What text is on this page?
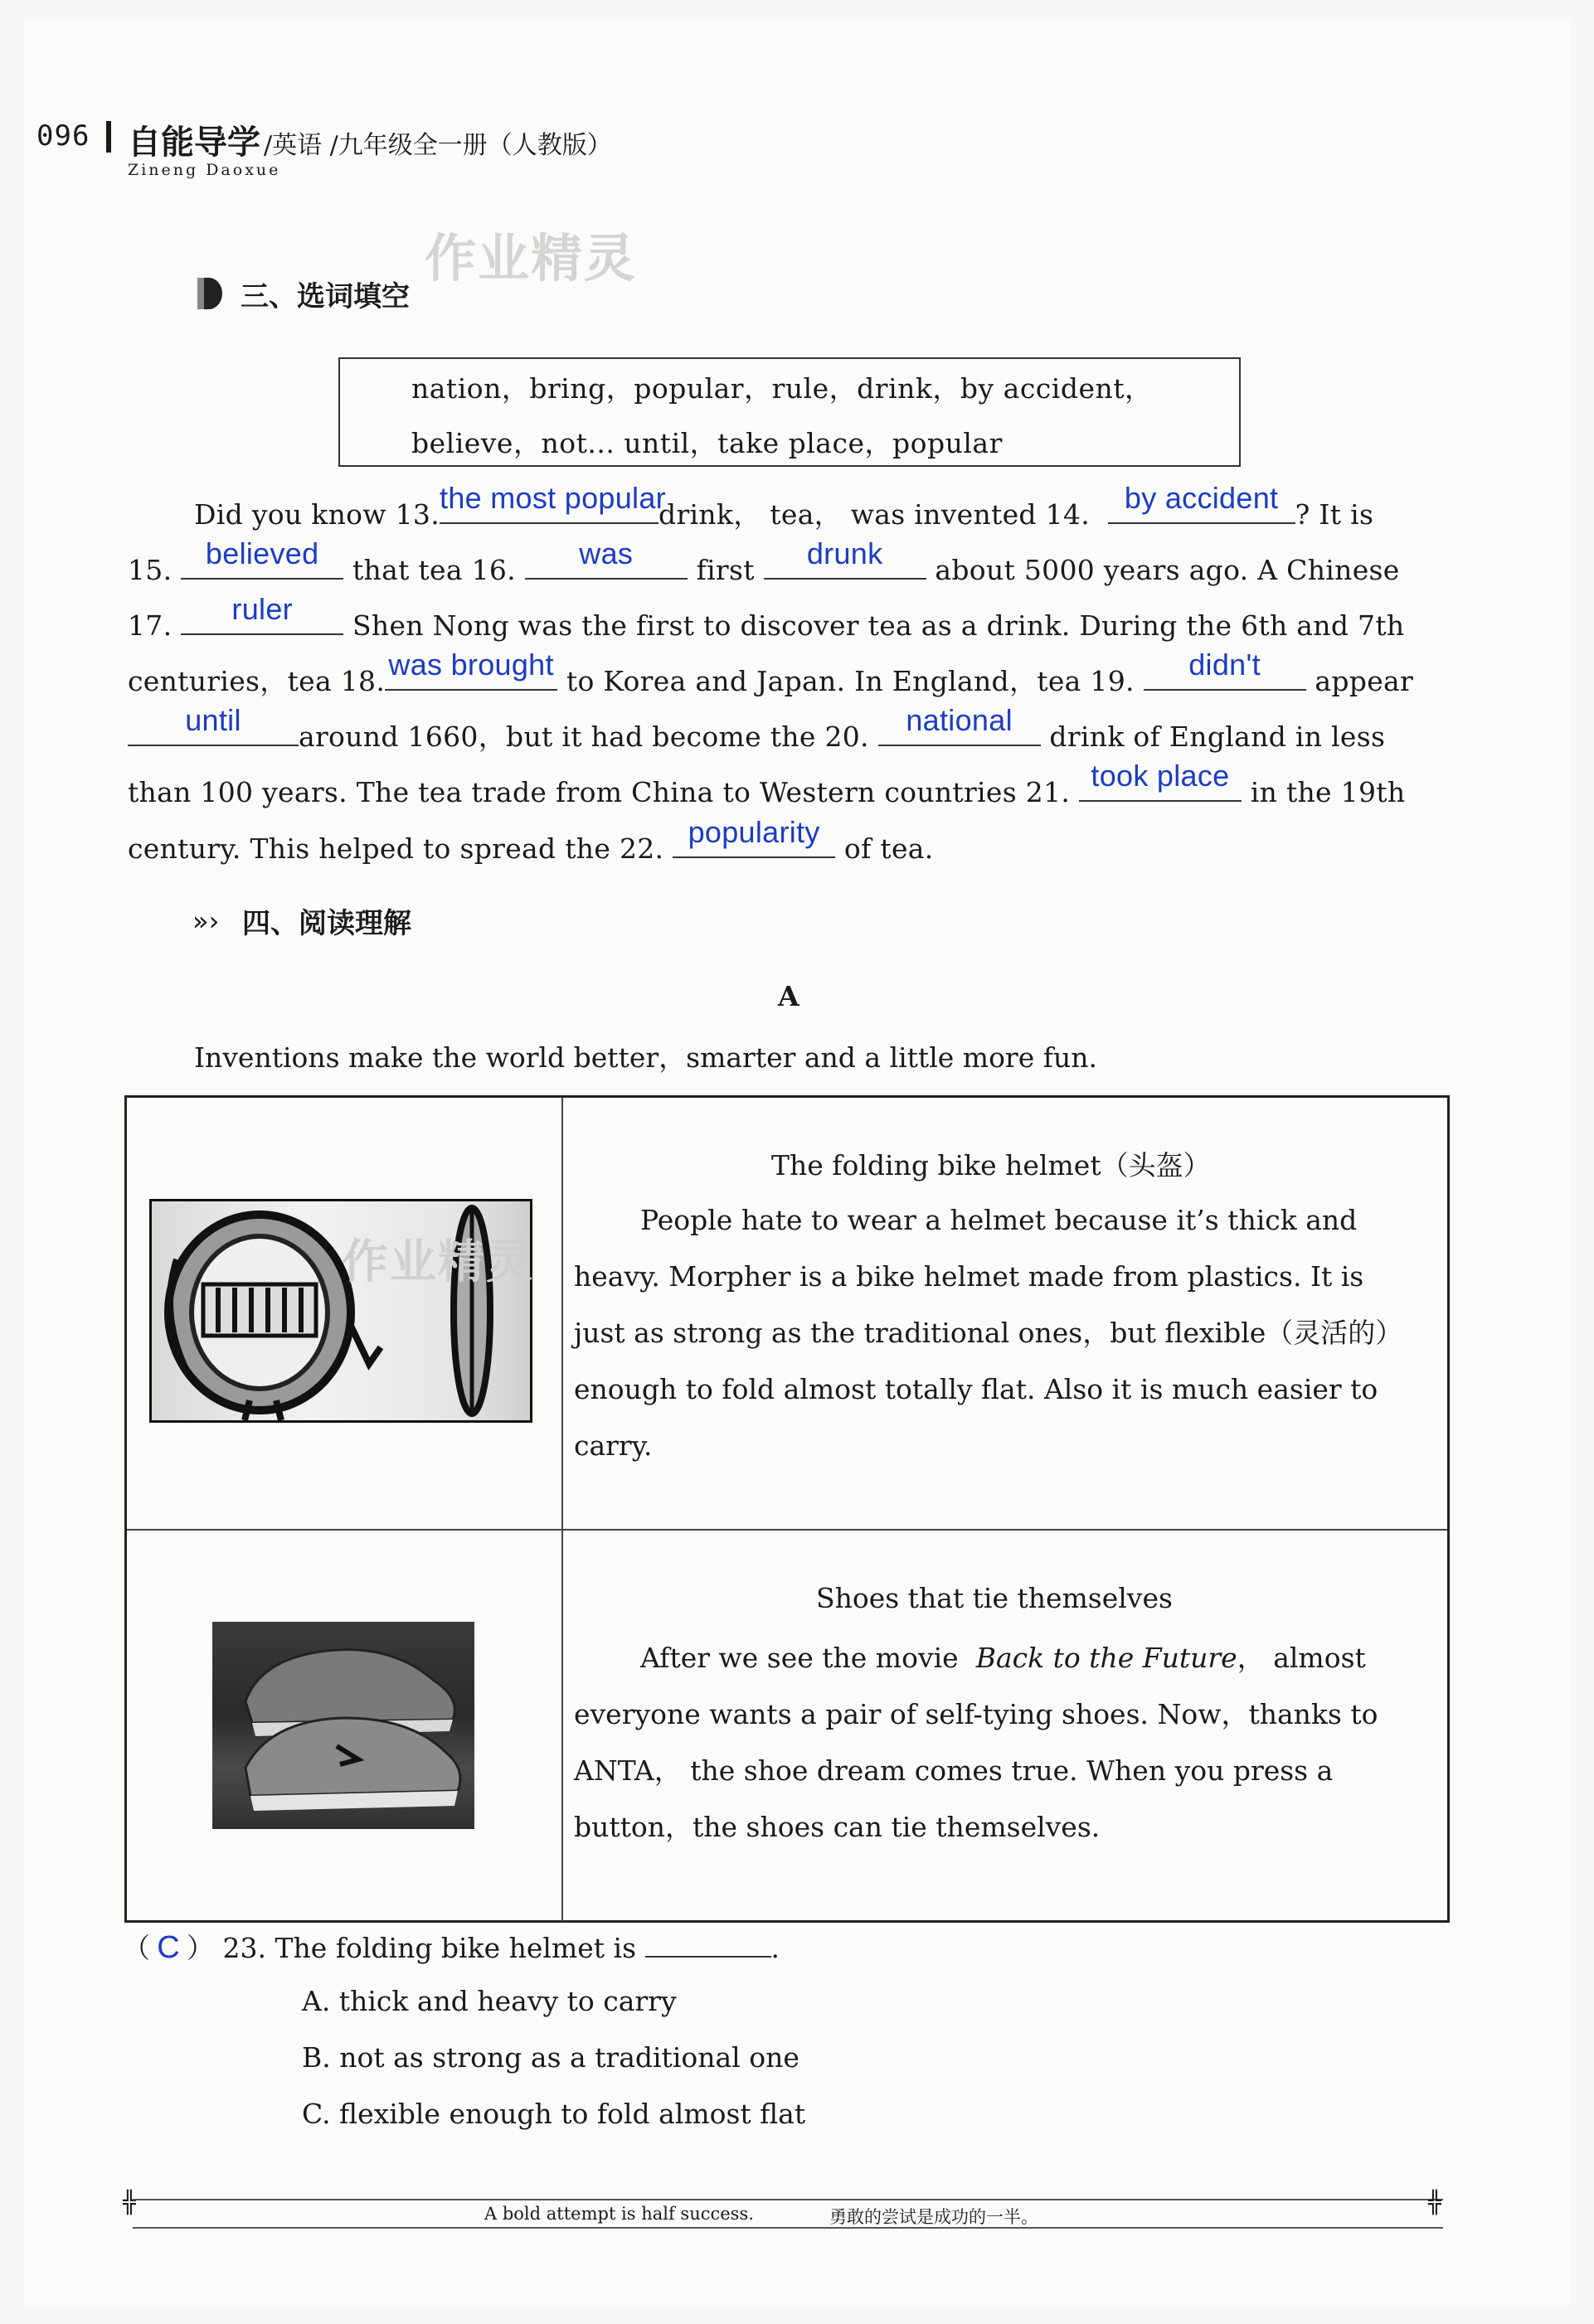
096 自能导学 /英语 /九年级全一册（人教版）
Zineng Daoxue
作业精灵
三、选词填空
nation，bring，popular，rule，drink，by accident，
believe，not... until，take place，popular
Did you know 13. the most popular
drink， tea， was invented 14.	by accident ? It is
15.	believed	that tea 16.	was	first	drunk	about 5000 years ago. A Chinese
17.	ruler	Shen Nong was the first to discover tea as a drink. During the 6th and 7th
centuries，tea 18. was brought to Korea and Japan. In England，tea 19.	didn't	appear
until	around 1660，but it had become the 20.	national	drink of England in less
than 100 years. The tea trade from China to Western countries 21. took place in the 19th
century. This helped to spread the 22. popularity of tea.
»› 四、阅读理解
A
Inventions make the world better，smarter and a little more fun.
作业精灵
The folding bike helmet（头盔）
People hate to wear a helmet because it’s thick and
heavy. Morpher is a bike helmet made from plastics. It is
just as strong as the traditional ones，but flexible（灵活的）
enough to fold almost totally flat. Also it is much easier to
carry.
Shoes that tie themselves
After we see the movie Back to the Future， almost
everyone wants a pair of self-tying shoes. Now，thanks to
ANTA， the shoe dream comes true. When you press a
button，the shoes can tie themselves.
（ C ） 23. The folding bike helmet is	.
A. thick and heavy to carry
B. not as strong as a traditional one
C. flexible enough to fold almost flat
╬	╬
A bold attempt is half success.	勇敢的尝试是成功的一半。
